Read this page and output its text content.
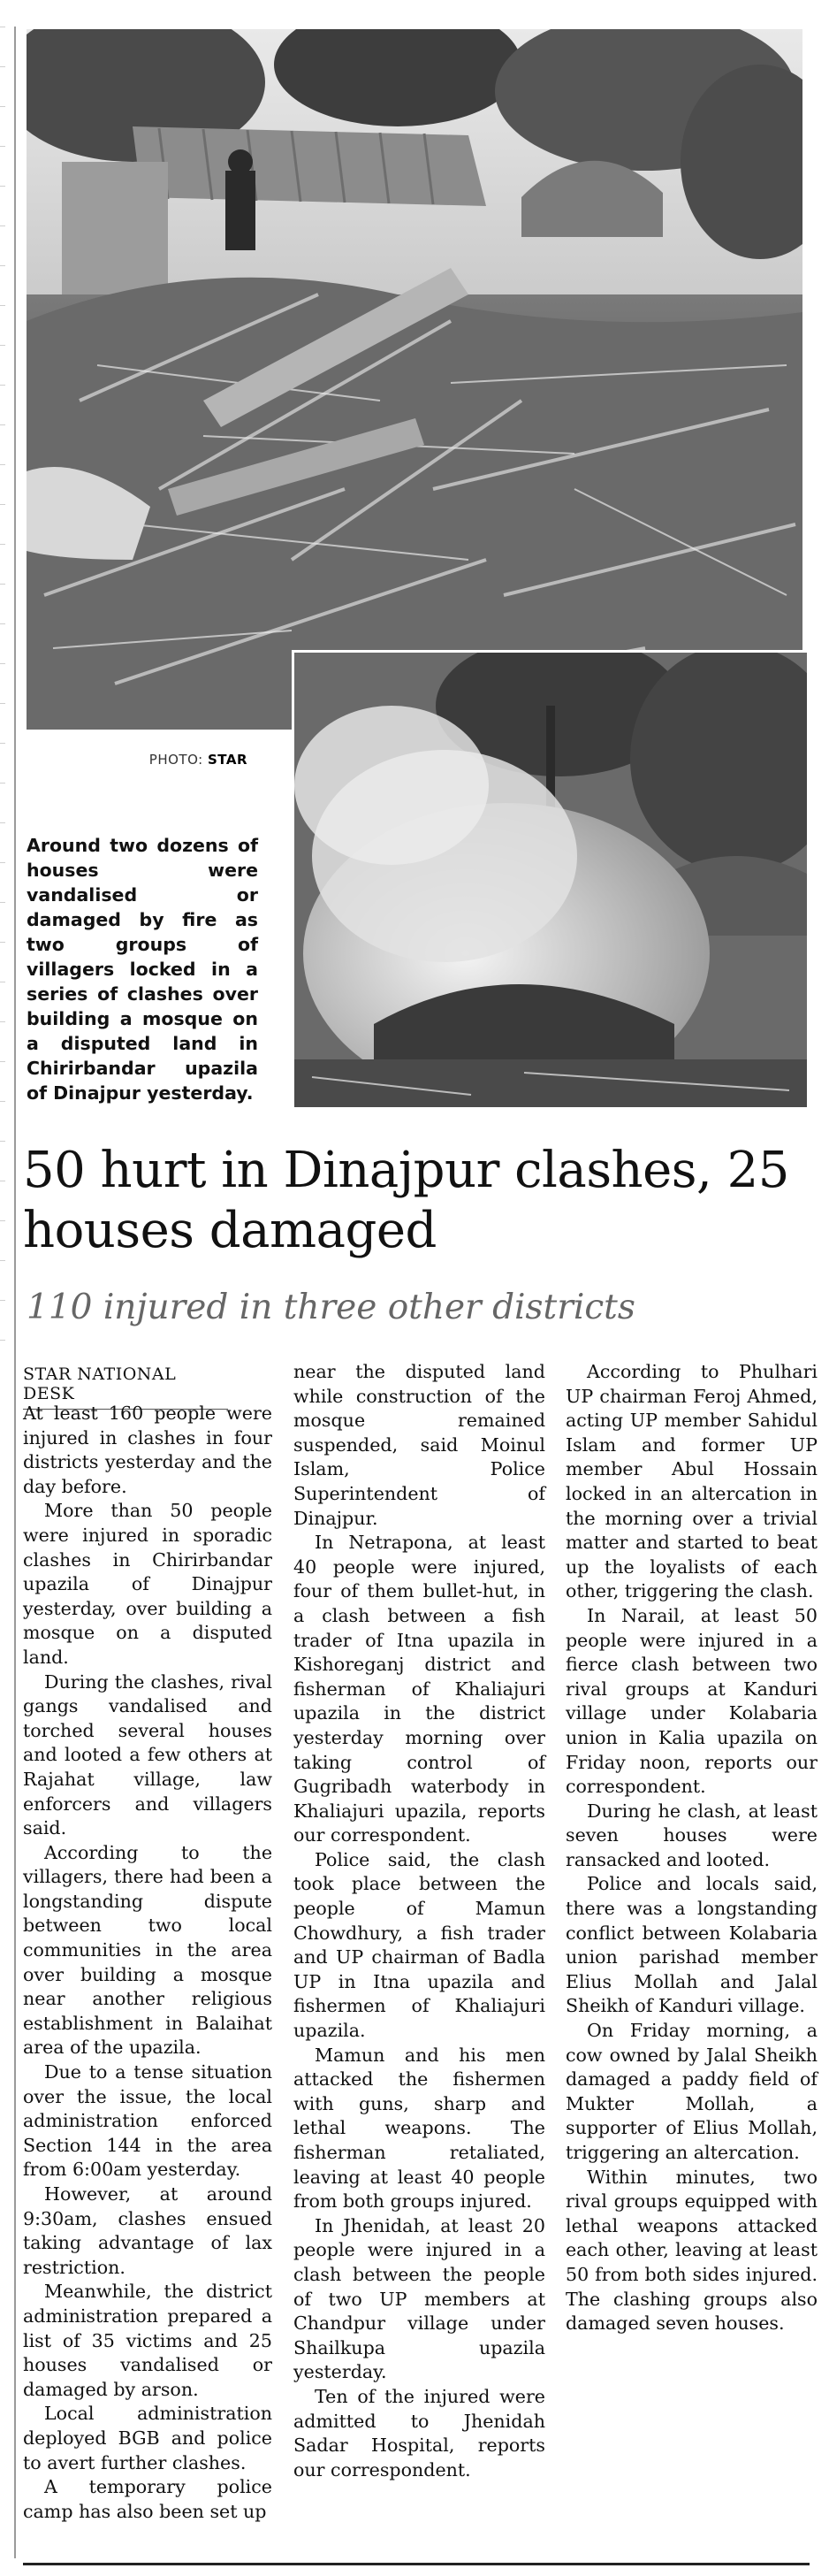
PHOTO: STAR
Around two dozens of houses were vandalised or damaged by fire as two groups of villagers locked in a series of clashes over building a mosque on a disputed land in Chirirbandar upazila of Dinajpur yesterday.
50 hurt in Dinajpur clashes, 25 houses damaged
110 injured in three other districts
STAR NATIONAL DESK

At least 160 people were injured in clashes in four districts yesterday and the day before.

More than 50 people were injured in sporadic clashes in Chirirbandar upazila of Dinajpur yesterday, over building a mosque on a disputed land.

During the clashes, rival gangs vandalised and torched several houses and looted a few others at Rajahat village, law enforcers and villagers said.

According to the villagers, there had been a longstanding dispute between two local communities in the area over building a mosque near another religious establishment in Balaihat area of the upazila.

Due to a tense situation over the issue, the local administration enforced Section 144 in the area from 6:00am yesterday.

However, at around 9:30am, clashes ensued taking advantage of lax restriction.

Meanwhile, the district administration prepared a list of 35 victims and 25 houses vandalised or damaged by arson.

Local administration deployed BGB and police to avert further clashes.

A temporary police camp has also been set up

near the disputed land while construction of the mosque remained suspended, said Moinul Islam, Police Superintendent of Dinajpur.

In Netrapona, at least 40 people were injured, four of them bullet-hut, in a clash between a fish trader of Itna upazila in Kishoreganj district and fisherman of Khaliajuri upazila in the district yesterday morning over taking control of Gugribadh waterbody in Khaliajuri upazila, reports our correspondent.

Police said, the clash took place between the people of Mamun Chowdhury, a fish trader and UP chairman of Badla UP in Itna upazila and fishermen of Khaliajuri upazila.

Mamun and his men attacked the fishermen with guns, sharp and lethal weapons. The fisherman retaliated, leaving at least 40 people from both groups injured.

In Jhenidah, at least 20 people were injured in a clash between the people of two UP members at Chandpur village under Shailkupa upazila yesterday.

Ten of the injured were admitted to Jhenidah Sadar Hospital, reports our correspondent.

According to Phulhari UP chairman Feroj Ahmed, acting UP member Sahidul Islam and former UP member Abul Hossain locked in an altercation in the morning over a trivial matter and started to beat up the loyalists of each other, triggering the clash.

In Narail, at least 50 people were injured in a fierce clash between two rival groups at Kanduri village under Kolabaria union in Kalia upazila on Friday noon, reports our correspondent.

During he clash, at least seven houses were ransacked and looted.

Police and locals said, there was a longstanding conflict between Kolabaria union parishad member Elius Mollah and Jalal Sheikh of Kanduri village.

On Friday morning, a cow owned by Jalal Sheikh damaged a paddy field of Mukter Mollah, a supporter of Elius Mollah, triggering an altercation.

Within minutes, two rival groups equipped with lethal weapons attacked each other, leaving at least 50 from both sides injured. The clashing groups also damaged seven houses.
